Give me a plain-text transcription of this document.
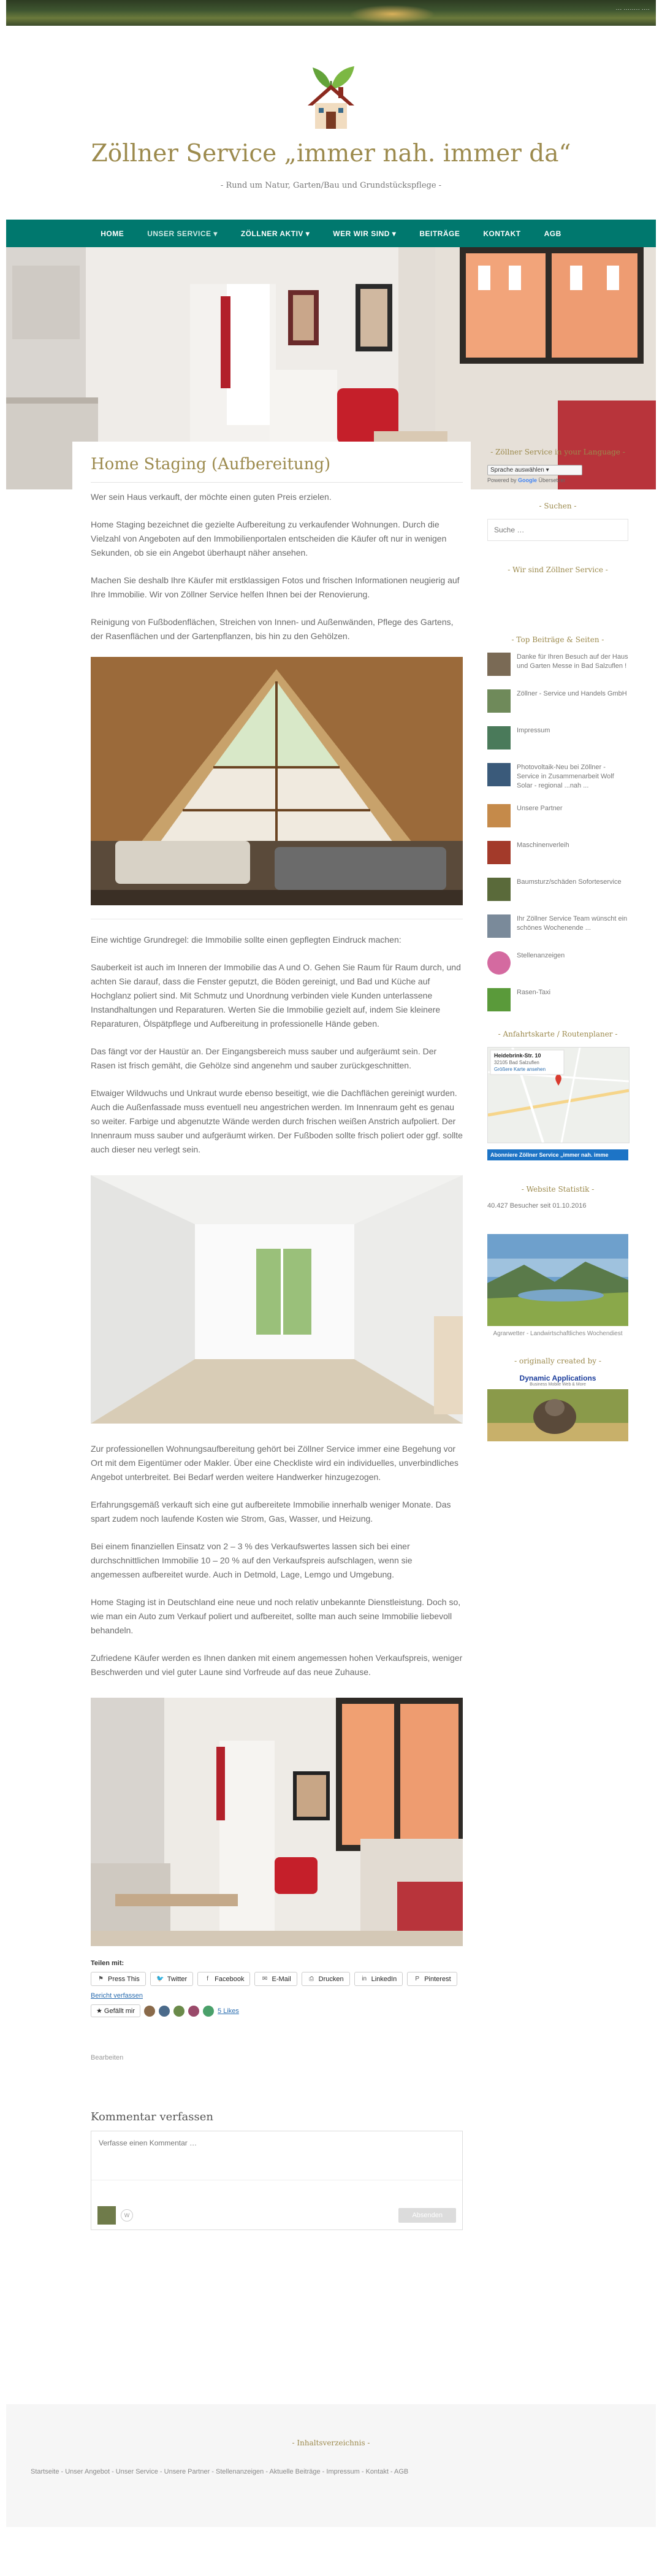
··· ········ ····
Zöllner Service „immer nah. immer da“
- Rund um Natur, Garten/Bau und Grundstückspflege -
HOME	UNSER SERVICE ▾	ZÖLLNER AKTIV ▾	WER WIR SIND ▾	BEITRÄGE	KONTAKT	AGB
Home Staging (Aufbereitung)

Wer sein Haus verkauft, der möchte einen guten Preis erzielen.

Home Staging bezeichnet die gezielte Aufbereitung zu verkaufender Wohnungen. Durch die Vielzahl von Angeboten auf den Immobilienportalen entscheiden die Käufer oft nur in wenigen Sekunden, ob sie ein Angebot überhaupt näher ansehen.

Machen Sie deshalb Ihre Käufer mit erstklassigen Fotos und frischen Informationen neugierig auf Ihre Immobilie. Wir von Zöllner Service helfen Ihnen bei der Renovierung.

Reinigung von Fußbodenflächen, Streichen von Innen- und Außenwänden, Pflege des Gartens, der Rasenflächen und der Gartenpflanzen, bis hin zu den Gehölzen.

Eine wichtige Grundregel: die Immobilie sollte einen gepflegten Eindruck machen:

Sauberkeit ist auch im Inneren der Immobilie das A und O. Gehen Sie Raum für Raum durch, und achten Sie darauf, dass die Fenster geputzt, die Böden gereinigt, und Bad und Küche auf Hochglanz poliert sind. Mit Schmutz und Unordnung verbinden viele Kunden unterlassene Instandhaltungen und Reparaturen. Werten Sie die Immobilie gezielt auf, indem Sie kleinere Reparaturen, Ölspätpflege und Aufbereitung in professionelle Hände geben.

Das fängt vor der Haustür an. Der Eingangsbereich muss sauber und aufgeräumt sein. Der Rasen ist frisch gemäht, die Gehölze sind angenehm und sauber zurückgeschnitten.

Etwaiger Wildwuchs und Unkraut wurde ebenso beseitigt, wie die Dachflächen gereinigt wurden. Auch die Außenfassade muss eventuell neu angestrichen werden. Im Innenraum geht es genau so weiter. Farbige und abgenutzte Wände werden durch frischen weißen Anstrich aufpoliert. Der Innenraum muss sauber und aufgeräumt wirken. Der Fußboden sollte frisch poliert oder ggf. sollte auch dieser neu verlegt sein.

Zur professionellen Wohnungsaufbereitung gehört bei Zöllner Service immer eine Begehung vor Ort mit dem Eigentümer oder Makler. Über eine Checkliste wird ein individuelles, unverbindliches Angebot unterbreitet. Bei Bedarf werden weitere Handwerker hinzugezogen.

Erfahrungsgemäß verkauft sich eine gut aufbereitete Immobilie innerhalb weniger Monate. Das spart zudem noch laufende Kosten wie Strom, Gas, Wasser, und Heizung.

Bei einem finanziellen Einsatz von 2 – 3 % des Verkaufswertes lassen sich bei einer durchschnittlichen Immobilie 10 – 20 % auf den Verkaufspreis aufschlagen, wenn sie angemessen aufbereitet wurde. Auch in Detmold, Lage, Lemgo und Umgebung.

Home Staging ist in Deutschland eine neue und noch relativ unbekannte Dienstleistung. Doch so, wie man ein Auto zum Verkauf poliert und aufbereitet, sollte man auch seine Immobilie liebevoll behandeln.

Zufriedene Käufer werden es Ihnen danken mit einem angemessen hohen Verkaufspreis, weniger Beschwerden und viel guter Laune sind Vorfreude auf das neue Zuhause.

Teilen mit:
⚑ Press This	🐦 Twitter	f Facebook	✉ E-Mail	⎙ Drucken	in LinkedIn	P Pinterest
Bericht verfassen
★ Gefällt mir	5 Likes
Bearbeiten
Kommentar verfassen
Verfasse einen Kommentar …
W	Absenden
- Zöllner Service in your Language -
Sprache auswählen ▾
Powered by Google Übersetzer
- Suchen -
Suche …
- Wir sind Zöllner Service -
- Top Beiträge & Seiten -
Danke für Ihren Besuch auf der Haus und Garten Messe in Bad Salzuflen !
Zöllner - Service und Handels GmbH
Impressum
Photovoltaik-Neu bei Zöllner - Service in Zusammenarbeit Wolf Solar - regional ...nah ...
Unsere Partner
Maschinenverleih
Baumsturz/schäden Soforteservice
Ihr Zöllner Service Team wünscht ein schönes Wochenende ...
Stellenanzeigen
Rasen-Taxi
- Anfahrtskarte / Routenplaner -
Heidebrink-Str. 10
32105 Bad Salzuflen
Größere Karte ansehen
Abonniere Zöllner Service „immer nah. imme
- Website Statistik -
40.427 Besucher seit 01.10.2016
Agrarwetter - Landwirtschaftliches Wochendiest
- originally created by -
Dynamic Applications
Business Mobile Web & More
- Inhaltsverzeichnis -
Startseite - Unser Angebot - Unser Service - Unsere Partner - Stellenanzeigen - Aktuelle Beiträge - Impressum - Kontakt - AGB
